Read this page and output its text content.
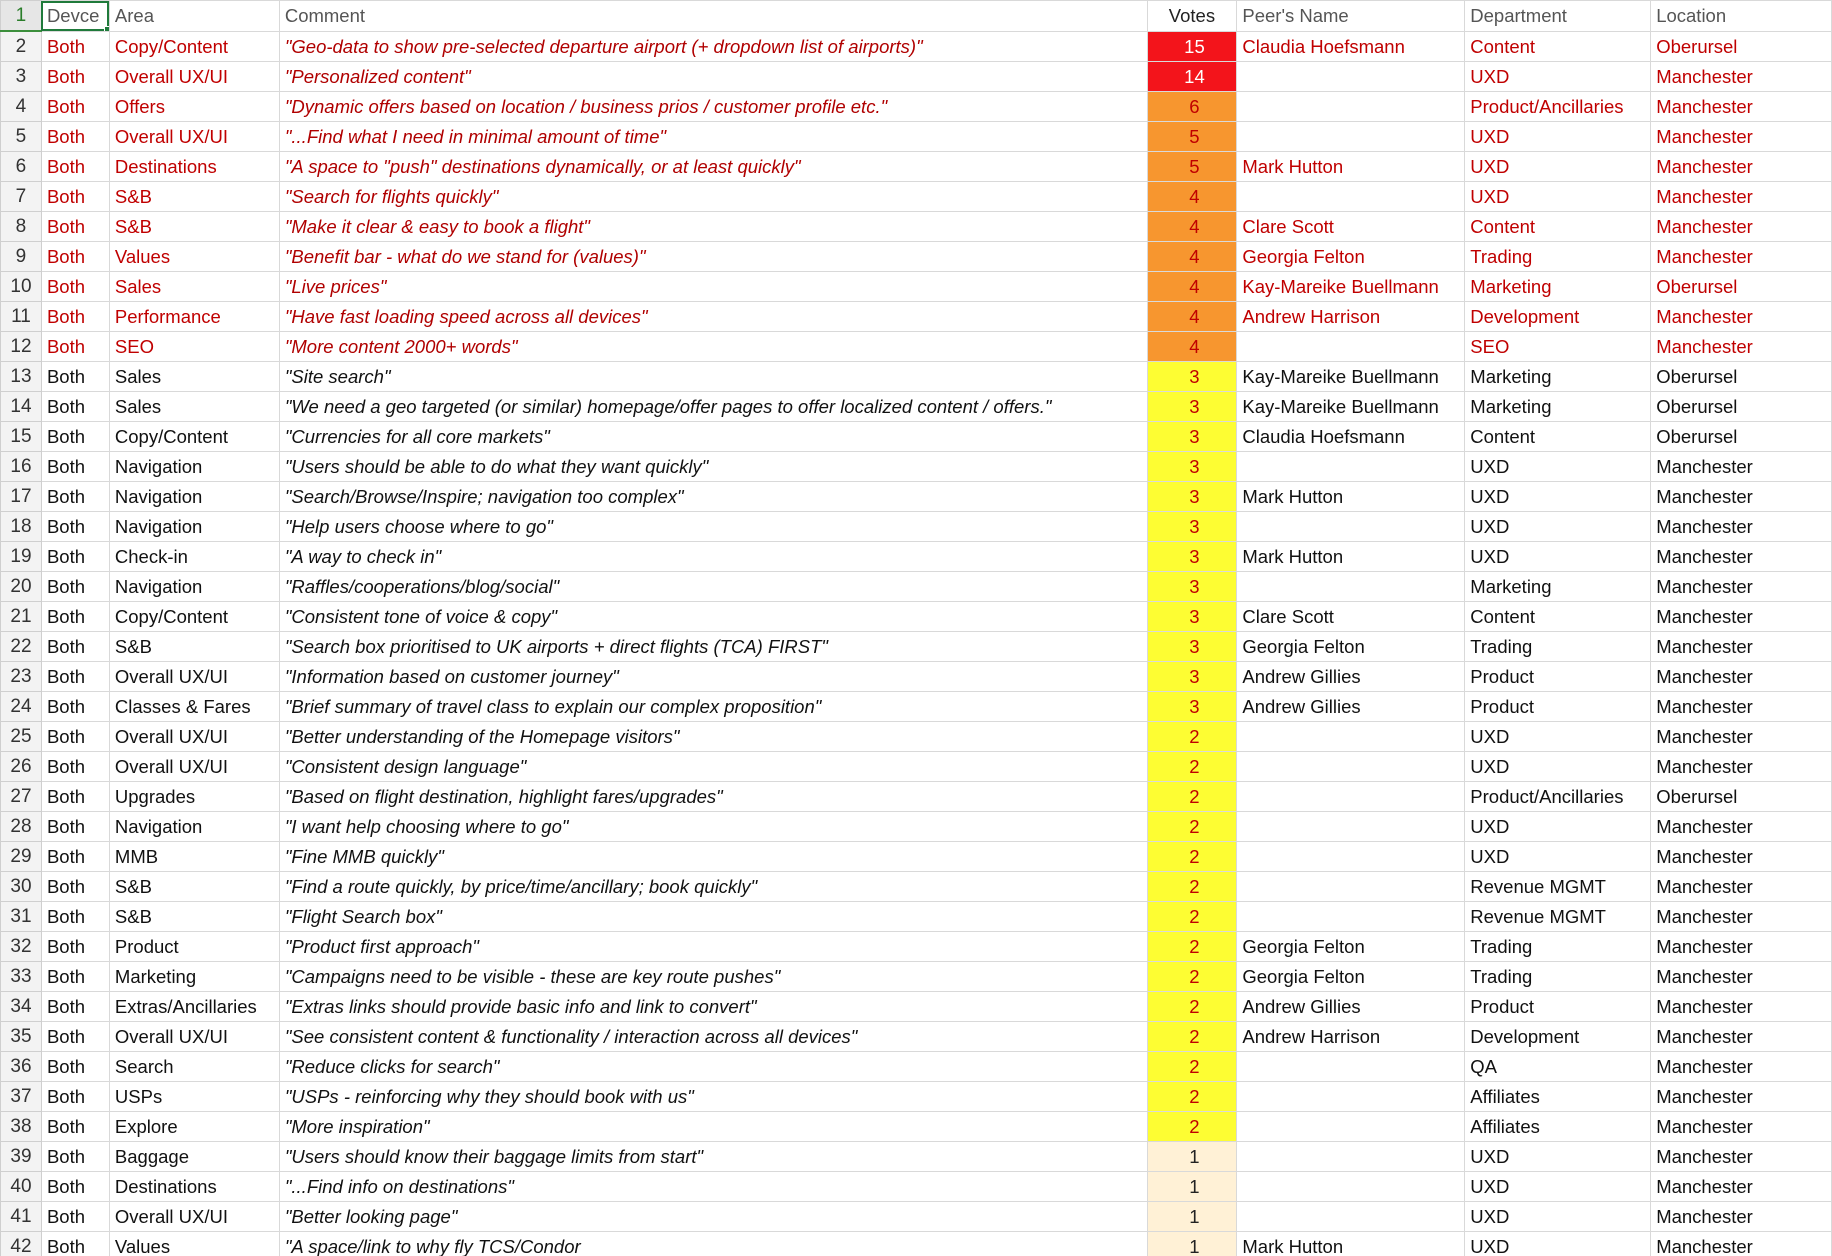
1	Devce	Area	Comment	Votes	Peer's Name	Department	Location
2	Both	Copy/Content	"Geo-data to show pre-selected departure airport (+ dropdown list of airports)"	15	Claudia Hoefsmann	Content	Oberursel
3	Both	Overall UX/UI	"Personalized content"	14		UXD	Manchester
4	Both	Offers	"Dynamic offers based on location / business prios / customer profile etc."	6		Product/Ancillaries	Manchester
5	Both	Overall UX/UI	"...Find what I need in minimal amount of time"	5		UXD	Manchester
6	Both	Destinations	"A space to "push" destinations dynamically, or at least quickly"	5	Mark Hutton	UXD	Manchester
7	Both	S&B	"Search for flights quickly"	4		UXD	Manchester
8	Both	S&B	"Make it clear & easy to book a flight"	4	Clare Scott	Content	Manchester
9	Both	Values	"Benefit bar - what do we stand for (values)"	4	Georgia Felton	Trading	Manchester
10	Both	Sales	"Live prices"	4	Kay-Mareike Buellmann	Marketing	Oberursel
11	Both	Performance	"Have fast loading speed across all devices"	4	Andrew Harrison	Development	Manchester
12	Both	SEO	"More content 2000+ words"	4		SEO	Manchester
13	Both	Sales	"Site search"	3	Kay-Mareike Buellmann	Marketing	Oberursel
14	Both	Sales	"We need a geo targeted (or similar) homepage/offer pages to offer localized content / offers."	3	Kay-Mareike Buellmann	Marketing	Oberursel
15	Both	Copy/Content	"Currencies for all core markets"	3	Claudia Hoefsmann	Content	Oberursel
16	Both	Navigation	"Users should be able to do what they want quickly"	3		UXD	Manchester
17	Both	Navigation	"Search/Browse/Inspire; navigation too complex"	3	Mark Hutton	UXD	Manchester
18	Both	Navigation	"Help users choose where to go"	3		UXD	Manchester
19	Both	Check-in	"A way to check in"	3	Mark Hutton	UXD	Manchester
20	Both	Navigation	"Raffles/cooperations/blog/social"	3		Marketing	Manchester
21	Both	Copy/Content	"Consistent tone of voice & copy"	3	Clare Scott	Content	Manchester
22	Both	S&B	"Search box prioritised to UK airports + direct flights (TCA) FIRST"	3	Georgia Felton	Trading	Manchester
23	Both	Overall UX/UI	"Information based on customer journey"	3	Andrew Gillies	Product	Manchester
24	Both	Classes & Fares	"Brief summary of travel class to explain our complex proposition"	3	Andrew Gillies	Product	Manchester
25	Both	Overall UX/UI	"Better understanding of the Homepage visitors"	2		UXD	Manchester
26	Both	Overall UX/UI	"Consistent design language"	2		UXD	Manchester
27	Both	Upgrades	"Based on flight destination, highlight fares/upgrades"	2		Product/Ancillaries	Oberursel
28	Both	Navigation	"I want help choosing where to go"	2		UXD	Manchester
29	Both	MMB	"Fine MMB quickly"	2		UXD	Manchester
30	Both	S&B	"Find a route quickly, by price/time/ancillary; book quickly"	2		Revenue MGMT	Manchester
31	Both	S&B	"Flight Search box"	2		Revenue MGMT	Manchester
32	Both	Product	"Product first approach"	2	Georgia Felton	Trading	Manchester
33	Both	Marketing	"Campaigns need to be visible - these are key route pushes"	2	Georgia Felton	Trading	Manchester
34	Both	Extras/Ancillaries	"Extras links should provide basic info and link to convert"	2	Andrew Gillies	Product	Manchester
35	Both	Overall UX/UI	"See consistent content & functionality / interaction across all devices"	2	Andrew Harrison	Development	Manchester
36	Both	Search	"Reduce clicks for search"	2		QA	Manchester
37	Both	USPs	"USPs - reinforcing why they should book with us"	2		Affiliates	Manchester
38	Both	Explore	"More inspiration"	2		Affiliates	Manchester
39	Both	Baggage	"Users should know their baggage limits from start"	1		UXD	Manchester
40	Both	Destinations	"...Find info on destinations"	1		UXD	Manchester
41	Both	Overall UX/UI	"Better looking page"	1		UXD	Manchester
42	Both	Values	"A space/link to why fly TCS/Condor	1	Mark Hutton	UXD	Manchester
